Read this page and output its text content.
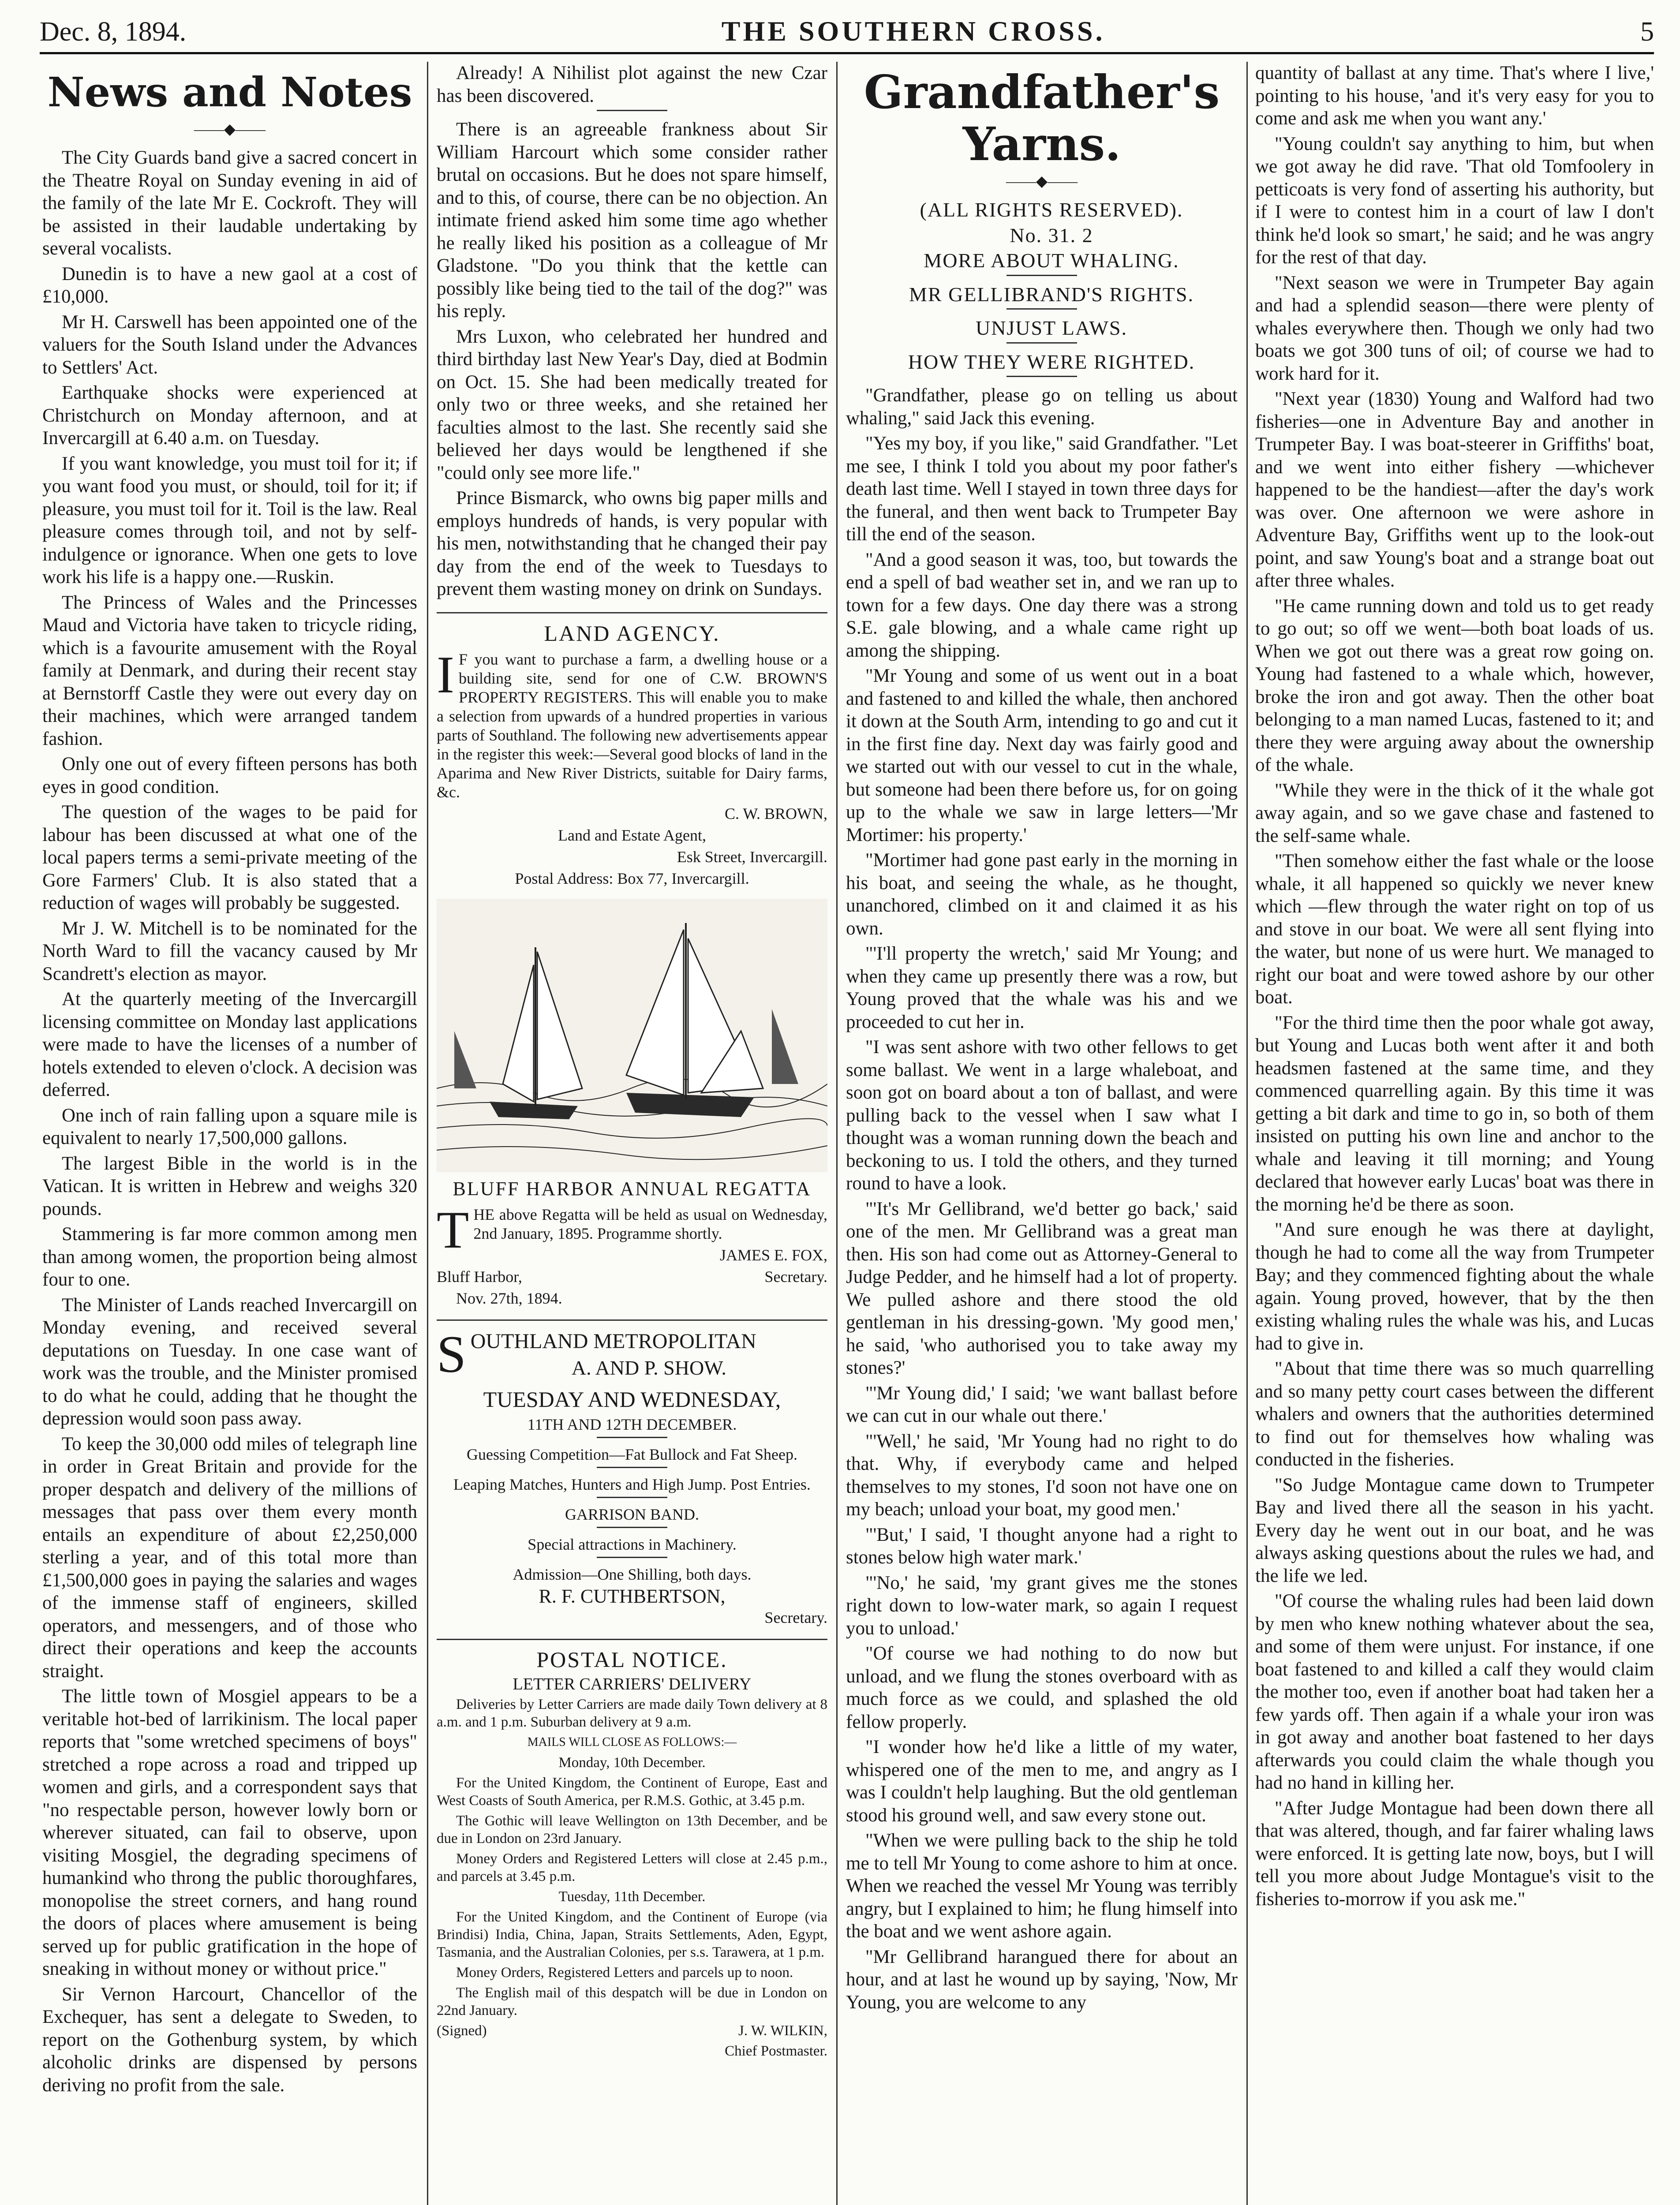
Dec. 8, 1894.	THE SOUTHERN CROSS.	5
News and Notes
——◆——

The City Guards band give a sacred concert in the Theatre Royal on Sunday evening in aid of the family of the late Mr E. Cockroft. They will be assisted in their laudable undertaking by several vocalists.

Dunedin is to have a new gaol at a cost of £10,000.

Mr H. Carswell has been appointed one of the valuers for the South Island under the Advances to Settlers' Act.

Earthquake shocks were experienced at Christchurch on Monday afternoon, and at Invercargill at 6.40 a.m. on Tuesday.

If you want knowledge, you must toil for it; if you want food you must, or should, toil for it; if pleasure, you must toil for it. Toil is the law. Real pleasure comes through toil, and not by self-indulgence or ignorance. When one gets to love work his life is a happy one.—Ruskin.

The Princess of Wales and the Princesses Maud and Victoria have taken to tricycle riding, which is a favourite amusement with the Royal family at Denmark, and during their recent stay at Bernstorff Castle they were out every day on their machines, which were arranged tandem fashion.

Only one out of every fifteen persons has both eyes in good condition.

The question of the wages to be paid for labour has been discussed at what one of the local papers terms a semi-private meeting of the Gore Farmers' Club. It is also stated that a reduction of wages will probably be suggested.

Mr J. W. Mitchell is to be nominated for the North Ward to fill the vacancy caused by Mr Scandrett's election as mayor.

At the quarterly meeting of the Invercargill licensing committee on Monday last applications were made to have the licenses of a number of hotels extended to eleven o'clock. A decision was deferred.

One inch of rain falling upon a square mile is equivalent to nearly 17,500,000 gallons.

The largest Bible in the world is in the Vatican. It is written in Hebrew and weighs 320 pounds.

Stammering is far more common among men than among women, the proportion being almost four to one.

The Minister of Lands reached Invercargill on Monday evening, and received several deputations on Tuesday. In one case want of work was the trouble, and the Minister promised to do what he could, adding that he thought the depression would soon pass away.

To keep the 30,000 odd miles of telegraph line in order in Great Britain and provide for the proper despatch and delivery of the millions of messages that pass over them every month entails an expenditure of about £2,250,000 sterling a year, and of this total more than £1,500,000 goes in paying the salaries and wages of the immense staff of engineers, skilled operators, and messengers, and of those who direct their operations and keep the accounts straight.

The little town of Mosgiel appears to be a veritable hot-bed of larrikinism. The local paper reports that "some wretched specimens of boys" stretched a rope across a road and tripped up women and girls, and a correspondent says that "no respectable person, however lowly born or wherever situated, can fail to observe, upon visiting Mosgiel, the degrading specimens of humankind who throng the public thoroughfares, monopolise the street corners, and hang round the doors of places where amusement is being served up for public gratification in the hope of sneaking in without money or without price."

Sir Vernon Harcourt, Chancellor of the Exchequer, has sent a delegate to Sweden, to report on the Gothenburg system, by which alcoholic drinks are dispensed by persons deriving no profit from the sale.

Already! A Nihilist plot against the new Czar has been discovered.

There is an agreeable frankness about Sir William Harcourt which some consider rather brutal on occasions. But he does not spare himself, and to this, of course, there can be no objection. An intimate friend asked him some time ago whether he really liked his position as a colleague of Mr Gladstone. "Do you think that the kettle can possibly like being tied to the tail of the dog?" was his reply.

Mrs Luxon, who celebrated her hundred and third birthday last New Year's Day, died at Bodmin on Oct. 15. She had been medically treated for only two or three weeks, and she retained her faculties almost to the last. She recently said she believed her days would be lengthened if she "could only see more life."

Prince Bismarck, who owns big paper mills and employs hundreds of hands, is very popular with his men, notwithstanding that he changed their pay day from the end of the week to Tuesdays to prevent them wasting money on drink on Sundays.

LAND AGENCY.

I F you want to purchase a farm, a dwelling house or a building site, send for one of C.W. BROWN'S PROPERTY REGISTERS. This will enable you to make a selection from upwards of a hundred properties in various parts of Southland. The following new advertisements appear in the register this week:—Several good blocks of land in the Aparima and New River Districts, suitable for Dairy farms, &c.

C. W. BROWN,

Land and Estate Agent,

Esk Street, Invercargill.

Postal Address: Box 77, Invercargill.

BLUFF HARBOR ANNUAL REGATTA

THE above Regatta will be held as usual on Wednesday, 2nd January, 1895. Programme shortly.

JAMES E. FOX,

Bluff Harbor,	Secretary.

Nov. 27th, 1894.

SOUTHLAND METROPOLITAN

A. AND P. SHOW.

TUESDAY AND WEDNESDAY,

11TH AND 12TH DECEMBER.

Guessing Competition—Fat Bullock and Fat Sheep.

Leaping Matches, Hunters and High Jump. Post Entries.

GARRISON BAND.

Special attractions in Machinery.

Admission—One Shilling, both days.

R. F. CUTHBERTSON,

Secretary.

POSTAL NOTICE.

LETTER CARRIERS' DELIVERY

Deliveries by Letter Carriers are made daily Town delivery at 8 a.m. and 1 p.m. Suburban delivery at 9 a.m.

MAILS WILL CLOSE AS FOLLOWS:—

Monday, 10th December.

For the United Kingdom, the Continent of Europe, East and West Coasts of South America, per R.M.S. Gothic, at 3.45 p.m.

The Gothic will leave Wellington on 13th December, and be due in London on 23rd January.

Money Orders and Registered Letters will close at 2.45 p.m., and parcels at 3.45 p.m.

Tuesday, 11th December.

For the United Kingdom, and the Continent of Europe (via Brindisi) India, China, Japan, Straits Settlements, Aden, Egypt, Tasmania, and the Australian Colonies, per s.s. Tarawera, at 1 p.m.

Money Orders, Registered Letters and parcels up to noon.

The English mail of this despatch will be due in London on 22nd January.

(Signed)	J. W. WILKIN,

Chief Postmaster.

Grandfather's Yarns.
——◆——

(ALL RIGHTS RESERVED).

No. 31. 2

MORE ABOUT WHALING.

MR GELLIBRAND'S RIGHTS.

UNJUST LAWS.

HOW THEY WERE RIGHTED.

"Grandfather, please go on telling us about whaling," said Jack this evening.

"Yes my boy, if you like," said Grandfather. "Let me see, I think I told you about my poor father's death last time. Well I stayed in town three days for the funeral, and then went back to Trumpeter Bay till the end of the season.

"And a good season it was, too, but towards the end a spell of bad weather set in, and we ran up to town for a few days. One day there was a strong S.E. gale blowing, and a whale came right up among the shipping.

"Mr Young and some of us went out in a boat and fastened to and killed the whale, then anchored it down at the South Arm, intending to go and cut it in the first fine day. Next day was fairly good and we started out with our vessel to cut in the whale, but someone had been there before us, for on going up to the whale we saw in large letters—'Mr Mortimer: his property.'

"Mortimer had gone past early in the morning in his boat, and seeing the whale, as he thought, unanchored, climbed on it and claimed it as his own.

"'I'll property the wretch,' said Mr Young; and when they came up presently there was a row, but Young proved that the whale was his and we proceeded to cut her in.

"I was sent ashore with two other fellows to get some ballast. We went in a large whaleboat, and soon got on board about a ton of ballast, and were pulling back to the vessel when I saw what I thought was a woman running down the beach and beckoning to us. I told the others, and they turned round to have a look.

"'It's Mr Gellibrand, we'd better go back,' said one of the men. Mr Gellibrand was a great man then. His son had come out as Attorney-General to Judge Pedder, and he himself had a lot of property. We pulled ashore and there stood the old gentleman in his dressing-gown. 'My good men,' he said, 'who authorised you to take away my stones?'

"'Mr Young did,' I said; 'we want ballast before we can cut in our whale out there.'

"'Well,' he said, 'Mr Young had no right to do that. Why, if everybody came and helped themselves to my stones, I'd soon not have one on my beach; unload your boat, my good men.'

"'But,' I said, 'I thought anyone had a right to stones below high water mark.'

"'No,' he said, 'my grant gives me the stones right down to low-water mark, so again I request you to unload.'

"Of course we had nothing to do now but unload, and we flung the stones overboard with as much force as we could, and splashed the old fellow properly.

"I wonder how he'd like a little of my water, whispered one of the men to me, and angry as I was I couldn't help laughing. But the old gentleman stood his ground well, and saw every stone out.

"When we were pulling back to the ship he told me to tell Mr Young to come ashore to him at once. When we reached the vessel Mr Young was terribly angry, but I explained to him; he flung himself into the boat and we went ashore again.

"Mr Gellibrand harangued there for about an hour, and at last he wound up by saying, 'Now, Mr Young, you are welcome to any

quantity of ballast at any time. That's where I live,' pointing to his house, 'and it's very easy for you to come and ask me when you want any.'

"Young couldn't say anything to him, but when we got away he did rave. 'That old Tomfoolery in petticoats is very fond of asserting his authority, but if I were to contest him in a court of law I don't think he'd look so smart,' he said; and he was angry for the rest of that day.

"Next season we were in Trumpeter Bay again and had a splendid season—there were plenty of whales everywhere then. Though we only had two boats we got 300 tuns of oil; of course we had to work hard for it.

"Next year (1830) Young and Walford had two fisheries—one in Adventure Bay and another in Trumpeter Bay. I was boat-steerer in Griffiths' boat, and we went into either fishery —whichever happened to be the handiest—after the day's work was over. One afternoon we were ashore in Adventure Bay, Griffiths went up to the look-out point, and saw Young's boat and a strange boat out after three whales.

"He came running down and told us to get ready to go out; so off we went—both boat loads of us. When we got out there was a great row going on. Young had fastened to a whale which, however, broke the iron and got away. Then the other boat belonging to a man named Lucas, fastened to it; and there they were arguing away about the ownership of the whale.

"While they were in the thick of it the whale got away again, and so we gave chase and fastened to the self-same whale.

"Then somehow either the fast whale or the loose whale, it all happened so quickly we never knew which —flew through the water right on top of us and stove in our boat. We were all sent flying into the water, but none of us were hurt. We managed to right our boat and were towed ashore by our other boat.

"For the third time then the poor whale got away, but Young and Lucas both went after it and both headsmen fastened at the same time, and they commenced quarrelling again. By this time it was getting a bit dark and time to go in, so both of them insisted on putting his own line and anchor to the whale and leaving it till morning; and Young declared that however early Lucas' boat was there in the morning he'd be there as soon.

"And sure enough he was there at daylight, though he had to come all the way from Trumpeter Bay; and they commenced fighting about the whale again. Young proved, however, that by the then existing whaling rules the whale was his, and Lucas had to give in.

"About that time there was so much quarrelling and so many petty court cases between the different whalers and owners that the authorities determined to find out for themselves how whaling was conducted in the fisheries.

"So Judge Montague came down to Trumpeter Bay and lived there all the season in his yacht. Every day he went out in our boat, and he was always asking questions about the rules we had, and the life we led.

"Of course the whaling rules had been laid down by men who knew nothing whatever about the sea, and some of them were unjust. For instance, if one boat fastened to and killed a calf they would claim the mother too, even if another boat had taken her a few yards off. Then again if a whale your iron was in got away and another boat fastened to her days afterwards you could claim the whale though you had no hand in killing her.

"After Judge Montague had been down there all that was altered, though, and far fairer whaling laws were enforced. It is getting late now, boys, but I will tell you more about Judge Montague's visit to the fisheries to-morrow if you ask me."
